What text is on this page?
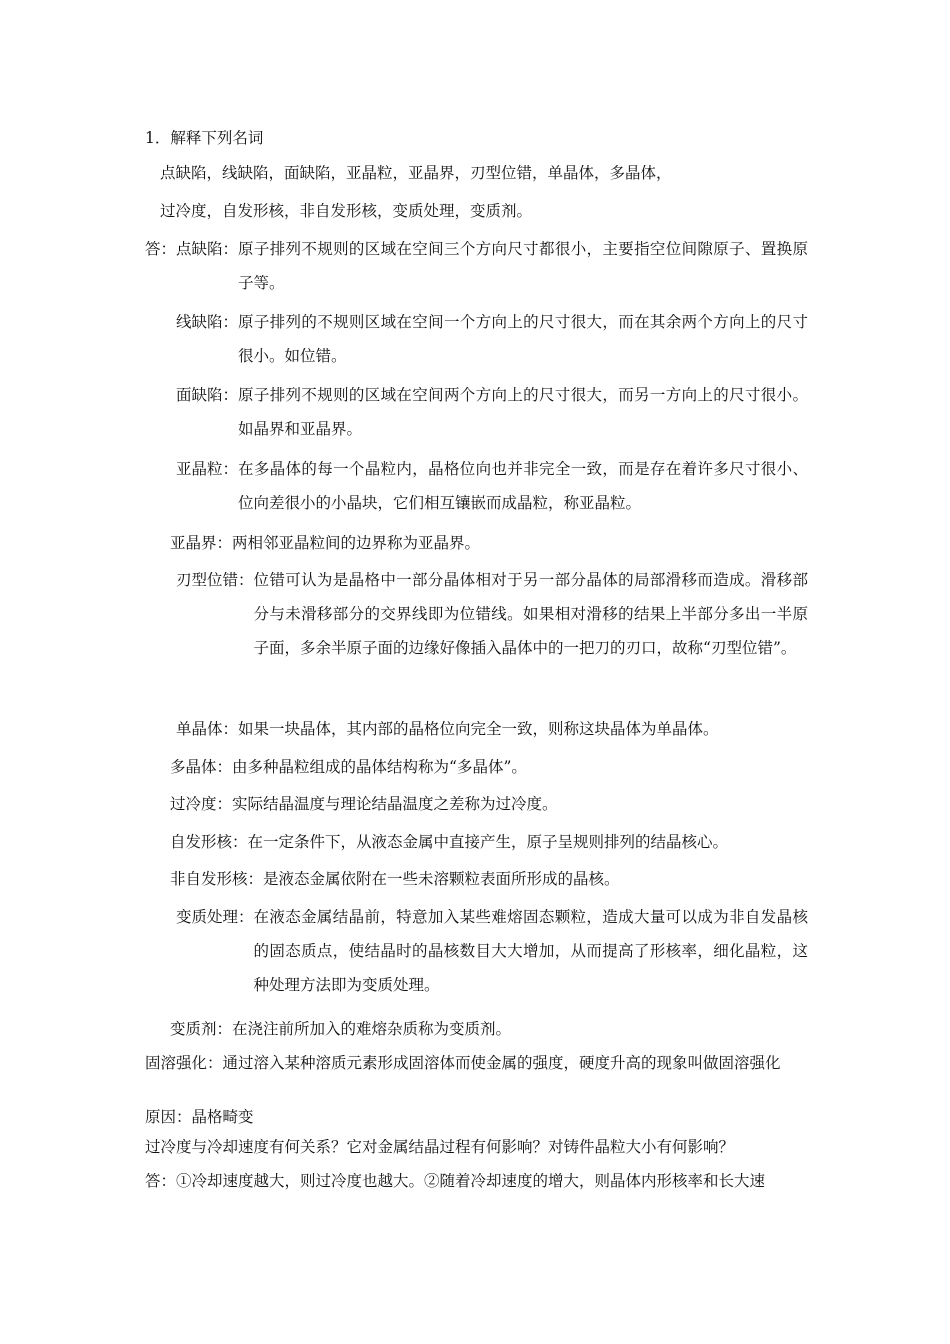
1．解释下列名词
点缺陷，线缺陷，面缺陷，亚晶粒，亚晶界，刃型位错，单晶体，多晶体，
过冷度，自发形核，非自发形核，变质处理，变质剂。
答： 点缺陷： 原子排列不规则的区域在空间三个方向尺寸都很小，主要指空位间隙原子、置换原子等。
线缺陷： 原子排列的不规则区域在空间一个方向上的尺寸很大，而在其余两个方向上的尺寸很小。如位错。
面缺陷： 原子排列不规则的区域在空间两个方向上的尺寸很大，而另一方向上的尺寸很小。如晶界和亚晶界。
亚晶粒： 在多晶体的每一个晶粒内，晶格位向也并非完全一致，而是存在着许多尺寸很小、位向差很小的小晶块，它们相互镶嵌而成晶粒，称亚晶粒。
亚晶界： 两相邻亚晶粒间的边界称为亚晶界。
刃型位错： 位错可认为是晶格中一部分晶体相对于另一部分晶体的局部滑移而造成。滑移部分与未滑移部分的交界线即为位错线。如果相对滑移的结果上半部分多出一半原子面，多余半原子面的边缘好像插入晶体中的一把刀的刃口，故称“刃型位错”。
单晶体： 如果一块晶体，其内部的晶格位向完全一致，则称这块晶体为单晶体。
多晶体： 由多种晶粒组成的晶体结构称为“多晶体”。
过冷度： 实际结晶温度与理论结晶温度之差称为过冷度。
自发形核： 在一定条件下，从液态金属中直接产生，原子呈规则排列的结晶核心。
非自发形核： 是液态金属依附在一些未溶颗粒表面所形成的晶核。
变质处理： 在液态金属结晶前，特意加入某些难熔固态颗粒，造成大量可以成为非自发晶核的固态质点，使结晶时的晶核数目大大增加，从而提高了形核率，细化晶粒，这种处理方法即为变质处理。
变质剂： 在浇注前所加入的难熔杂质称为变质剂。
固溶强化：通过溶入某种溶质元素形成固溶体而使金属的强度，硬度升高的现象叫做固溶强化
原因：晶格畸变
过冷度与冷却速度有何关系？它对金属结晶过程有何影响？对铸件晶粒大小有何影响？
答：①冷却速度越大，则过冷度也越大。②随着冷却速度的增大，则晶体内形核率和长大速
